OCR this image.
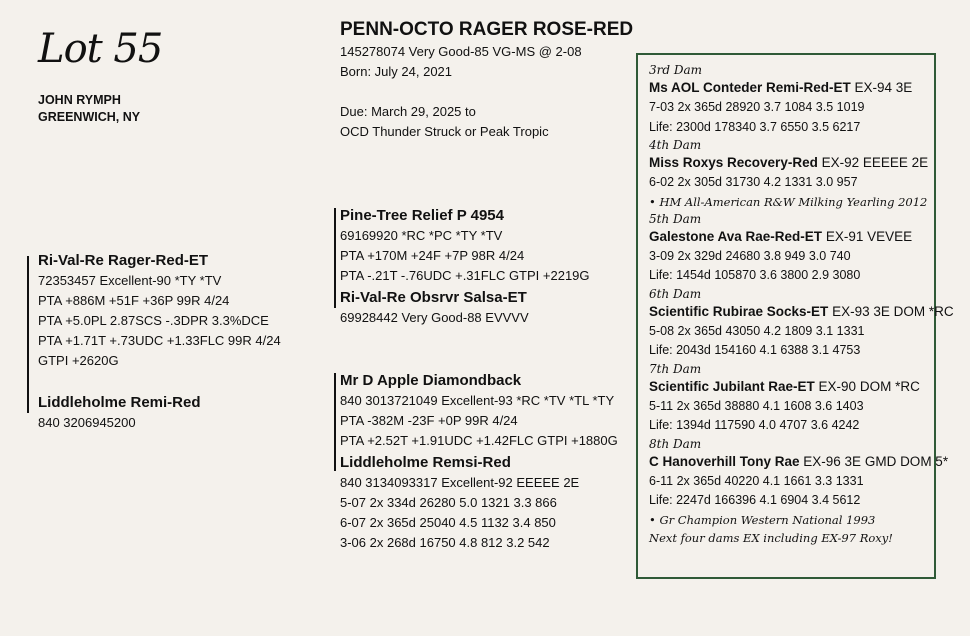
Lot 55
JOHN RYMPH
GREENWICH, NY
PENN-OCTO RAGER ROSE-RED
145278074 Very Good-85 VG-MS @ 2-08
Born: July 24, 2021
Due: March 29, 2025 to
OCD Thunder Struck or Peak Tropic
Ri-Val-Re Rager-Red-ET
72353457 Excellent-90 *TY *TV
PTA +886M +51F +36P 99R 4/24
PTA +5.0PL 2.87SCS -.3DPR 3.3%DCE
PTA +1.71T +.73UDC +1.33FLC 99R 4/24
GTPI +2620G
Liddleholme Remi-Red
840 3206945200
Pine-Tree Relief P 4954
69169920 *RC *PC *TY *TV
PTA +170M +24F +7P 98R 4/24
PTA -.21T -.76UDC +.31FLC GTPI +2219G
Ri-Val-Re Obsrvr Salsa-ET
69928442 Very Good-88 EVVVV
Mr D Apple Diamondback
840 3013721049 Excellent-93 *RC *TV *TL *TY
PTA -382M -23F +0P 99R 4/24
PTA +2.52T +1.91UDC +1.42FLC GTPI +1880G
Liddleholme Remsi-Red
840 3134093317 Excellent-92 EEEEE 2E
5-07 2x 334d 26280 5.0 1321 3.3 866
6-07 2x 365d 25040 4.5 1132 3.4 850
3-06 2x 268d 16750 4.8 812 3.2 542
3rd Dam
Ms AOL Conteder Remi-Red-ET EX-94 3E
7-03 2x 365d 28920 3.7 1084 3.5 1019
Life: 2300d 178340 3.7 6550 3.5 6217
4th Dam
Miss Roxys Recovery-Red EX-92 EEEEE 2E
6-02 2x 305d 31730 4.2 1331 3.0 957
• HM All-American R&W Milking Yearling 2012
5th Dam
Galestone Ava Rae-Red-ET EX-91 VEVEE
3-09 2x 329d 24680 3.8 949 3.0 740
Life: 1454d 105870 3.6 3800 2.9 3080
6th Dam
Scientific Rubirae Socks-ET EX-93 3E DOM *RC
5-08 2x 365d 43050 4.2 1809 3.1 1331
Life: 2043d 154160 4.1 6388 3.1 4753
7th Dam
Scientific Jubilant Rae-ET EX-90 DOM *RC
5-11 2x 365d 38880 4.1 1608 3.6 1403
Life: 1394d 117590 4.0 4707 3.6 4242
8th Dam
C Hanoverhill Tony Rae EX-96 3E GMD DOM 5*
6-11 2x 365d 40220 4.1 1661 3.3 1331
Life: 2247d 166396 4.1 6904 3.4 5612
• Gr Champion Western National 1993
Next four dams EX including EX-97 Roxy!
